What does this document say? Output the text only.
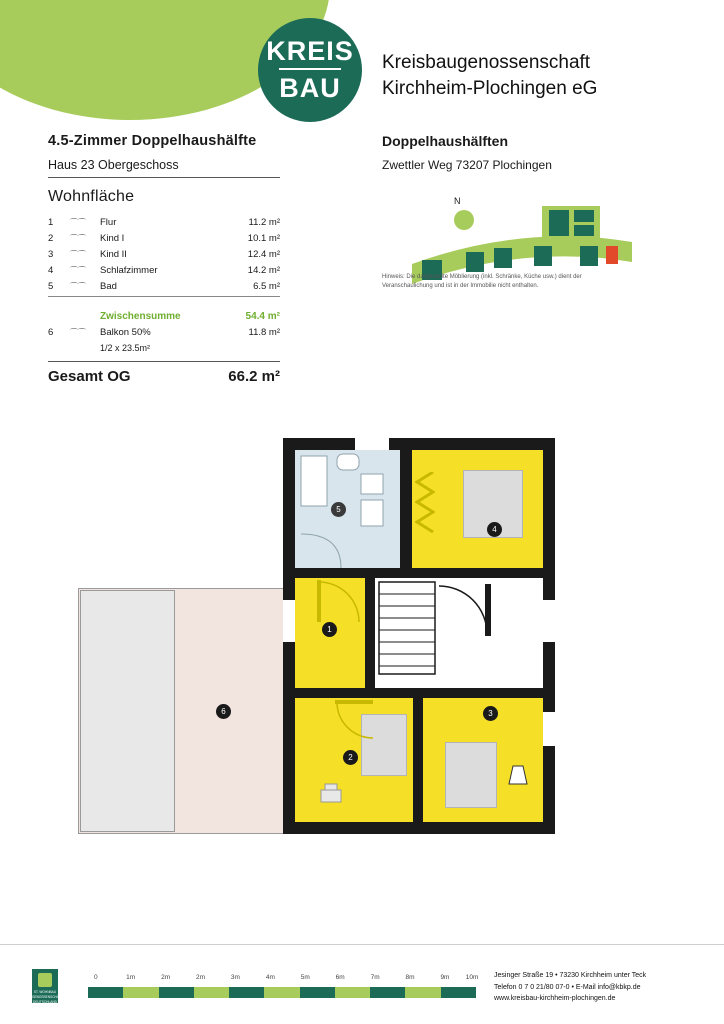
KREIS
BAU
Kreisbaugenossenschaft
Kirchheim-Plochingen eG
4.5-Zimmer Doppelhaushälfte
Haus 23 Obergeschoss
Wohnfläche
1	⌒⌒	Flur	11.2 m²
2	⌒⌒	Kind I	10.1 m²
3	⌒⌒	Kind II	12.4 m²
4	⌒⌒	Schlafzimmer	14.2 m²
5	⌒⌒	Bad	6.5 m²
		Zwischensumme	54.4 m²
6	⌒⌒	Balkon 50%	11.8 m²
		1/2 x 23.5m²	
Gesamt OG	66.2 m²
Doppelhaushälften
Zwettler Weg 73207 Plochingen
N
Hinweis: Die dargestellte Möblierung (inkl. Schränke, Küche usw.) dient der
Veranschaulichung und ist in der Immobilie nicht enthalten.
6
5
4
1
2
3
ST. WOHNBAU GENOSSENSCHAFT DEUTSCHLAND
0	1m	2m	2m	3m	4m	5m	6m	7m	8m	9m	10m Jesinger Straße 19 • 73230 Kirchheim unter Teck
Telefon 0 7 0 21/80 07-0 • E-Mail info@kbkp.de
www.kreisbau-kirchheim-plochingen.de
